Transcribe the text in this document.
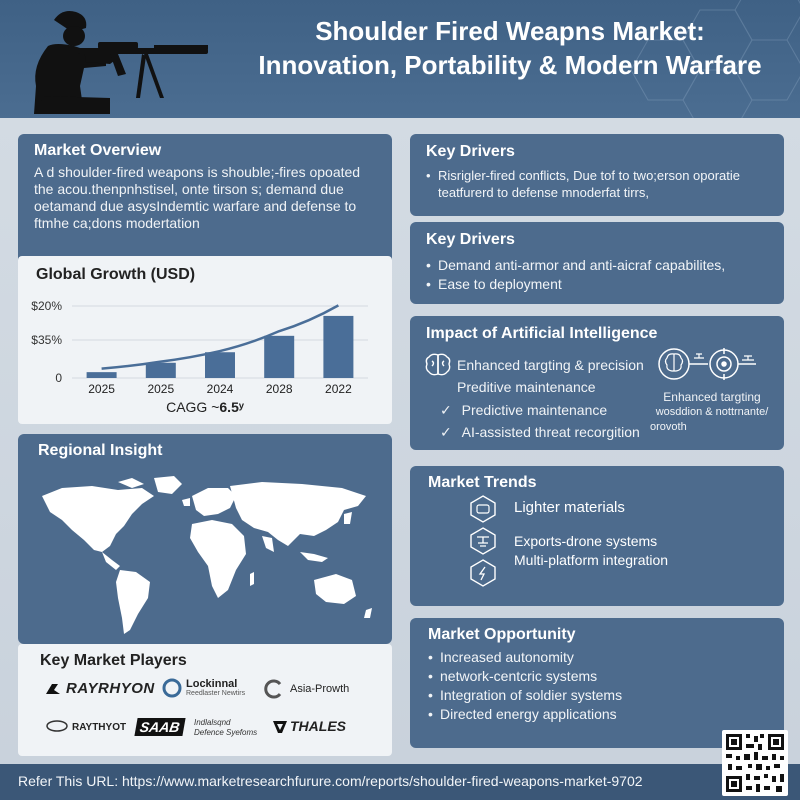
Shoulder Fired Weapns Market:
Innovation, Portability & Modern Warfare
Market Overview
A d shoulder-fired weapons is shouble;-fires opoated the acou.thenpnhstisel, onte tirson s; demand due oetamand due asysIndemtic warfare and defense to ftmhe ca;dons modertation
Global Growth (USD)
$20%
$35%
0
2025	2025	2024	2028	2022
CAGG ~6.5ʸ
Key Drivers
• Risrigler-fired conflicts, Due tof to two;erson oporatie teatfurerd to defense mnoderfat tirrs,
Key Drivers
• Demand anti-armor and anti-aicraf capabilites,
• Ease to deployment
Impact of Artificial Intelligence
Enhanced targting & precision
Preditive maintenance
✓ Predictive maintenance
✓ AI-assisted threat recorgition
Enhanced targting
wosddion & nottrnante/
orovoth
Regional Insight
Key Market Players
RAYRHYON	Lockinnal
Reedlaster Newtirs	Asia-Prowth
RAYTHYOT SAAB	Indlalsqnd
Defence Syefoms THALES
Market Trends
Lighter materials
Exports-drone systems
Multi-platform integration
Market Opportunity
• Increased autonomity
• network-centcric systems
• Integration of soldier systems
• Directed energy applications
Refer This URL: https://www.marketresearchfurure.com/reports/shoulder-fired-weapons-market-9702
